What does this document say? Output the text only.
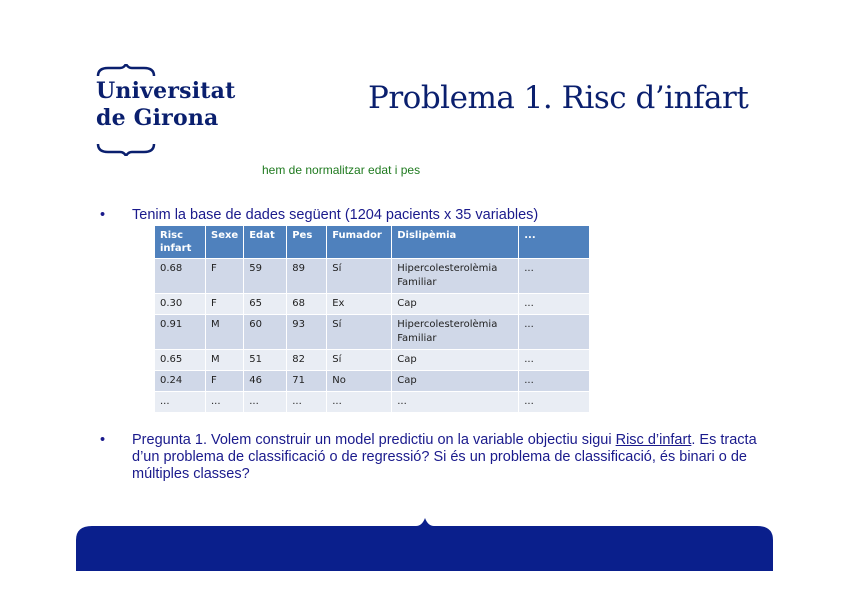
Universitat
de Girona
Problema 1. Risc d’infart
hem de normalitzar edat i pes
• Tenim la base de dades següent (1204 pacients x 35 variables)
Risc infart	Sexe	Edat	Pes	Fumador	Dislipèmia	...
0.68	F	59	89	Sí	Hipercolesterolèmia Familiar	...
0.30	F	65	68	Ex	Cap	...
0.91	M	60	93	Sí	Hipercolesterolèmia Familiar	...
0.65	M	51	82	Sí	Cap	...
0.24	F	46	71	No	Cap	...
...	...	...	...	...	...	...
• Pregunta 1. Volem construir un model predictiu on la variable objectiu sigui Risc d’infart. Es tracta d’un problema de classificació o de regressió? Si és un problema de classificació, és binari o de múltiples classes?
